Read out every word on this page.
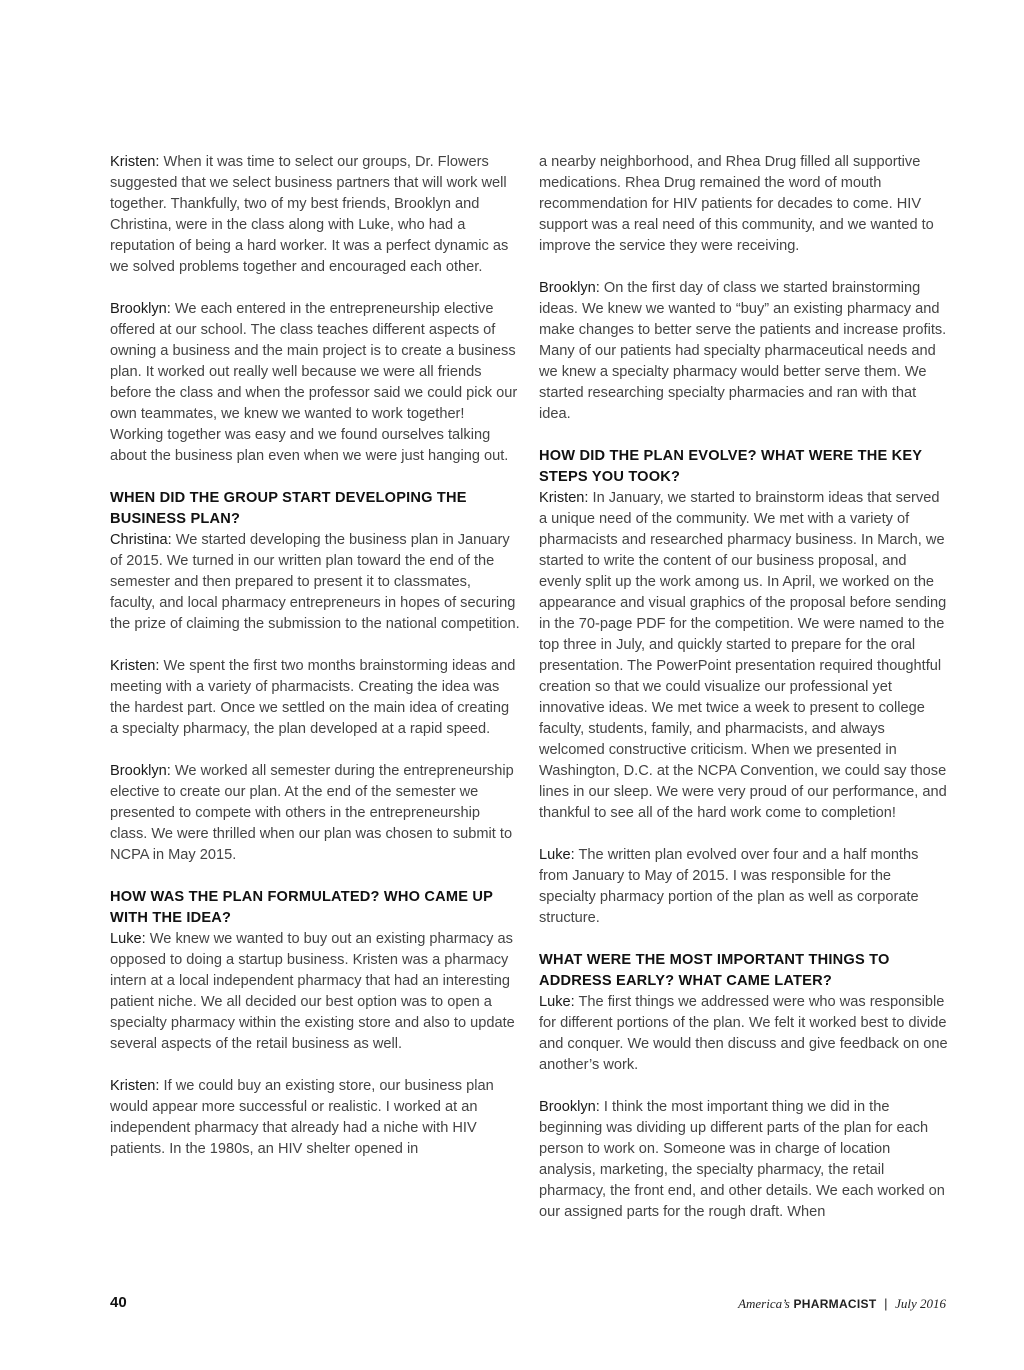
Kristen: When it was time to select our groups, Dr. Flowers suggested that we select business partners that will work well together. Thankfully, two of my best friends, Brooklyn and Christina, were in the class along with Luke, who had a reputation of being a hard worker. It was a perfect dynamic as we solved problems together and encouraged each other.

Brooklyn: We each entered in the entrepreneurship elective offered at our school. The class teaches different aspects of owning a business and the main project is to create a business plan. It worked out really well because we were all friends before the class and when the professor said we could pick our own teammates, we knew we wanted to work together! Working together was easy and we found ourselves talking about the business plan even when we were just hanging out.

WHEN DID THE GROUP START DEVELOPING THE BUSINESS PLAN?

Christina: We started developing the business plan in January of 2015. We turned in our written plan toward the end of the semester and then prepared to present it to classmates, faculty, and local pharmacy entrepreneurs in hopes of securing the prize of claiming the submission to the national competition.

Kristen: We spent the first two months brainstorming ideas and meeting with a variety of pharmacists. Creating the idea was the hardest part. Once we settled on the main idea of creating a specialty pharmacy, the plan developed at a rapid speed.

Brooklyn: We worked all semester during the entrepreneurship elective to create our plan. At the end of the semester we presented to compete with others in the entrepreneurship class. We were thrilled when our plan was chosen to submit to NCPA in May 2015.

HOW WAS THE PLAN FORMULATED? WHO CAME UP WITH THE IDEA?

Luke: We knew we wanted to buy out an existing pharmacy as opposed to doing a startup business. Kristen was a pharmacy intern at a local independent pharmacy that had an interesting patient niche. We all decided our best option was to open a specialty pharmacy within the existing store and also to update several aspects of the retail business as well.

Kristen: If we could buy an existing store, our business plan would appear more successful or realistic. I worked at an independent pharmacy that already had a niche with HIV patients. In the 1980s, an HIV shelter opened in

a nearby neighborhood, and Rhea Drug filled all supportive medications. Rhea Drug remained the word of mouth recommendation for HIV patients for decades to come. HIV support was a real need of this community, and we wanted to improve the service they were receiving.

Brooklyn: On the first day of class we started brainstorming ideas. We knew we wanted to “buy” an existing pharmacy and make changes to better serve the patients and increase profits. Many of our patients had specialty pharmaceutical needs and we knew a specialty pharmacy would better serve them. We started researching specialty pharmacies and ran with that idea.

HOW DID THE PLAN EVOLVE? WHAT WERE THE KEY STEPS YOU TOOK?

Kristen: In January, we started to brainstorm ideas that served a unique need of the community. We met with a variety of pharmacists and researched pharmacy business. In March, we started to write the content of our business proposal, and evenly split up the work among us. In April, we worked on the appearance and visual graphics of the proposal before sending in the 70-page PDF for the competition. We were named to the top three in July, and quickly started to prepare for the oral presentation. The PowerPoint presentation required thoughtful creation so that we could visualize our professional yet innovative ideas. We met twice a week to present to college faculty, students, family, and pharmacists, and always welcomed constructive criticism. When we presented in Washington, D.C. at the NCPA Convention, we could say those lines in our sleep. We were very proud of our performance, and thankful to see all of the hard work come to completion!

Luke: The written plan evolved over four and a half months from January to May of 2015. I was responsible for the specialty pharmacy portion of the plan as well as corporate structure.

WHAT WERE THE MOST IMPORTANT THINGS TO ADDRESS EARLY? WHAT CAME LATER?

Luke: The first things we addressed were who was responsible for different portions of the plan. We felt it worked best to divide and conquer. We would then discuss and give feedback on one another’s work.

Brooklyn: I think the most important thing we did in the beginning was dividing up different parts of the plan for each person to work on. Someone was in charge of location analysis, marketing, the specialty pharmacy, the retail pharmacy, the front end, and other details. We each worked on our assigned parts for the rough draft. When

40	America’s PHARMACIST | July 2016
